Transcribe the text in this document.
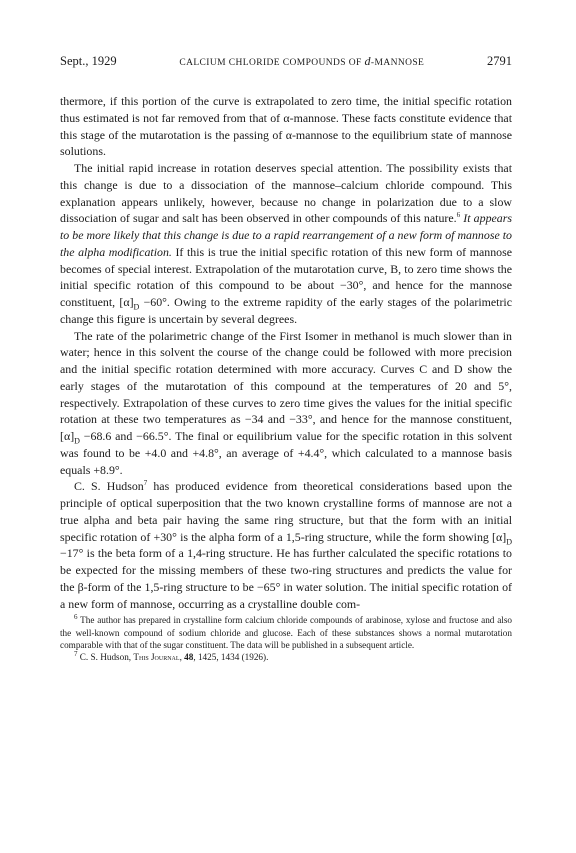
Sept., 1929	CALCIUM CHLORIDE COMPOUNDS OF d-MANNOSE	2791

thermore, if this portion of the curve is extrapolated to zero time, the initial specific rotation thus estimated is not far removed from that of α-mannose. These facts constitute evidence that this stage of the mutarotation is the passing of α-mannose to the equilibrium state of mannose solutions.

The initial rapid increase in rotation deserves special attention. The possibility exists that this change is due to a dissociation of the mannose–calcium chloride compound. This explanation appears unlikely, however, because no change in polarization due to a slow dissociation of sugar and salt has been observed in other compounds of this nature.$^6$ It appears to be more likely that this change is due to a rapid rearrangement of a new form of mannose to the alpha modification. If this is true the initial specific rotation of this new form of mannose becomes of special interest. Extrapolation of the mutarotation curve, B, to zero time shows the initial specific rotation of this compound to be about −30°, and hence for the mannose constituent, $[\alpha]_D -60^\circ$. Owing to the extreme rapidity of the early stages of the polarimetric change this figure is uncertain by several degrees.

The rate of the polarimetric change of the First Isomer in methanol is much slower than in water; hence in this solvent the course of the change could be followed with more precision and the initial specific rotation determined with more accuracy. Curves C and D show the early stages of the mutarotation of this compound at the temperatures of 20 and 5°, respectively. Extrapolation of these curves to zero time gives the values for the initial specific rotation at these two temperatures as −34 and −33°, and hence for the mannose constituent, $[\alpha]_D -68.6$ and −66.5°. The final or equilibrium value for the specific rotation in this solvent was found to be +4.0 and +4.8°, an average of +4.4°, which calculated to a mannose basis equals +8.9°.

C. S. Hudson$^7$ has produced evidence from theoretical considerations based upon the principle of optical superposition that the two known crystalline forms of mannose are not a true alpha and beta pair having the same ring structure, but that the form with an initial specific rotation of +30° is the alpha form of a 1,5-ring structure, while the form showing $[\alpha]_D -17^\circ$ is the beta form of a 1,4-ring structure. He has further calculated the specific rotations to be expected for the missing members of these two-ring structures and predicts the value for the β-form of the 1,5-ring structure to be −65° in water solution. The initial specific rotation of a new form of mannose, occurring as a crystalline double com-

$^6$ The author has prepared in crystalline form calcium chloride compounds of arabinose, xylose and fructose and also the well-known compound of sodium chloride and glucose. Each of these substances shows a normal mutarotation comparable with that of the sugar constituent. The data will be published in a subsequent article.

$^7$ C. S. Hudson, This Journal, 48, 1425, 1434 (1926).
